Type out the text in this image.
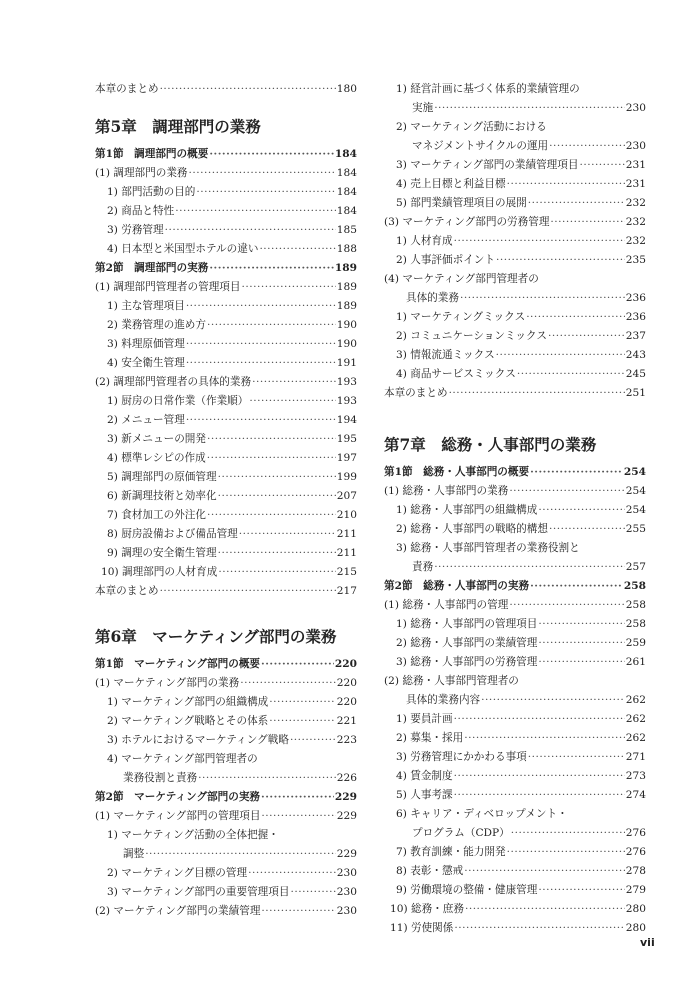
本章のまとめ ·····	180
第5章　調理部門の業務
第1節　調理部門の概要 ·····	184
(1) 調理部門の業務 ·····	184
1) 部門活動の目的 ·····	184
2) 商品と特性 ·····	184
3) 労務管理 ·····	185
4) 日本型と米国型ホテルの違い ·····	188
第2節　調理部門の実務 ·····	189
(1) 調理部門管理者の管理項目 ·····	189
1) 主な管理項目 ·····	189
2) 業務管理の進め方 ·····	190
3) 料理原価管理 ·····	190
4) 安全衛生管理 ·····	191
(2) 調理部門管理者の具体的業務 ·····	193
1) 厨房の日常作業（作業順） ·····	193
2) メニュー管理 ·····	194
3) 新メニューの開発 ·····	195
4) 標準レシピの作成 ·····	197
5) 調理部門の原価管理 ·····	199
6) 新調理技術と効率化 ·····	207
7) 食材加工の外注化 ·····	210
8) 厨房設備および備品管理 ·····	211
9) 調理の安全衛生管理 ·····	211
10) 調理部門の人材育成 ·····	215
本章のまとめ ·····	217
第6章　マーケティング部門の業務
第1節　マーケティング部門の概要 ·····	220
(1) マーケティング部門の業務 ·····	220
1) マーケティング部門の組織構成 ·····	220
2) マーケティング戦略とその体系 ·····	221
3) ホテルにおけるマーケティング戦略 ·····	223
4) マーケティング部門管理者の
業務役割と責務 ·····	226
第2節　マーケティング部門の実務 ·····	229
(1) マーケティング部門の管理項目 ·····	229
1) マーケティング活動の全体把握・
調整 ·····	229
2) マーケティング目標の管理 ·····	230
3) マーケティング部門の重要管理項目 ·····	230
(2) マーケティング部門の業績管理 ·····	230
1) 経営計画に基づく体系的業績管理の
実施 ·····	230
2) マーケティング活動における
マネジメントサイクルの運用 ·····	230
3) マーケティング部門の業績管理項目 ·····	231
4) 売上目標と利益目標 ·····	231
5) 部門業績管理項目の展開 ·····	232
(3) マーケティング部門の労務管理 ·····	232
1) 人材育成 ·····	232
2) 人事評価ポイント ·····	235
(4) マーケティング部門管理者の
具体的業務 ·····	236
1) マーケティングミックス ·····	236
2) コミュニケーションミックス ·····	237
3) 情報流通ミックス ·····	243
4) 商品サービスミックス ·····	245
本章のまとめ ·····	251
第7章　総務・人事部門の業務
第1節　総務・人事部門の概要 ·····	254
(1) 総務・人事部門の業務 ·····	254
1) 総務・人事部門の組織構成 ·····	254
2) 総務・人事部門の戦略的構想 ·····	255
3) 総務・人事部門管理者の業務役割と
責務 ·····	257
第2節　総務・人事部門の実務 ·····	258
(1) 総務・人事部門の管理 ·····	258
1) 総務・人事部門の管理項目 ·····	258
2) 総務・人事部門の業績管理 ·····	259
3) 総務・人事部門の労務管理 ·····	261
(2) 総務・人事部門管理者の
具体的業務内容 ·····	262
1) 要員計画 ·····	262
2) 募集・採用 ·····	262
3) 労務管理にかかわる事項 ·····	271
4) 賃金制度 ·····	273
5) 人事考課 ·····	274
6) キャリア・ディベロップメント・
プログラム（CDP） ·····	276
7) 教育訓練・能力開発 ·····	276
8) 表彰・懲戒 ·····	278
9) 労働環境の整備・健康管理 ·····	279
10) 総務・庶務 ·····	280
11) 労使関係 ·····	280
vii
